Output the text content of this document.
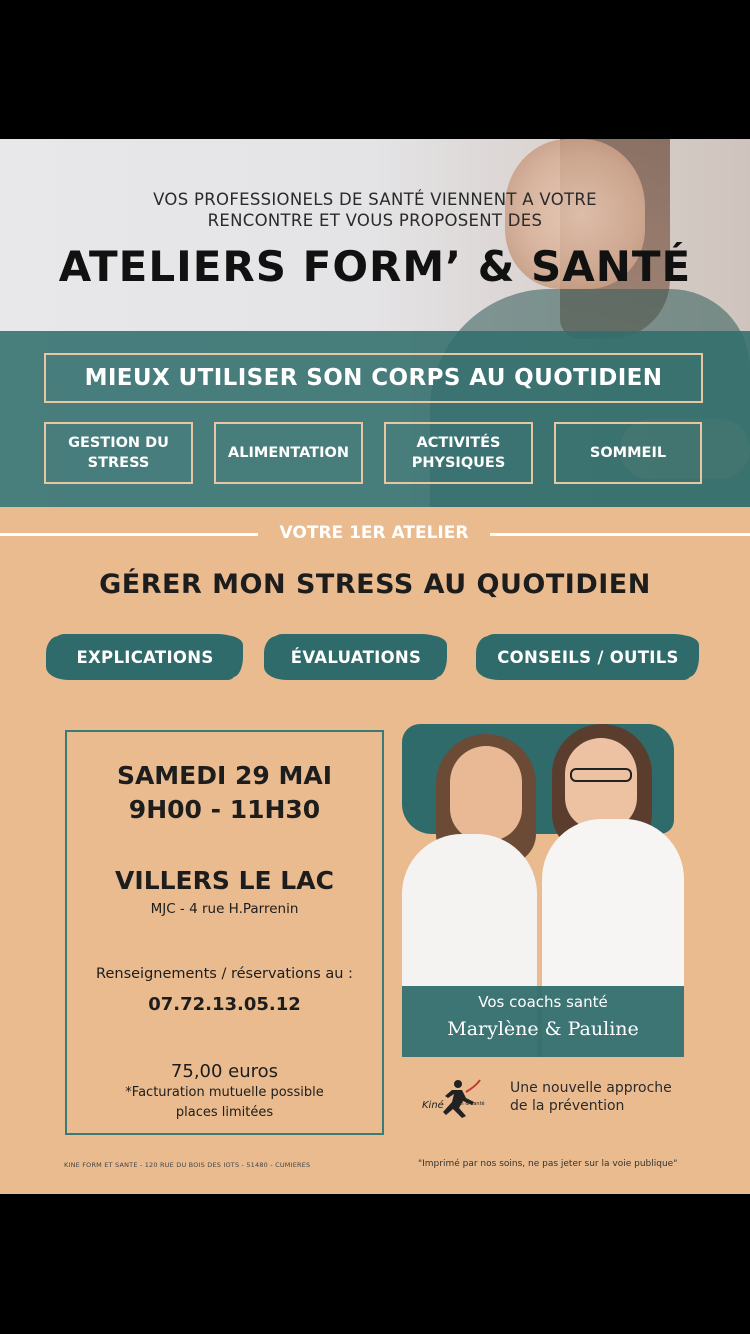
VOS PROFESSIONELS DE SANTÉ VIENNENT A VOTRE
RENCONTRE ET VOUS PROPOSENT DES
ATELIERS FORM’ & SANTÉ
MIEUX UTILISER SON CORPS AU QUOTIDIEN
GESTION DU
STRESS
ALIMENTATION
ACTIVITÉS
PHYSIQUES
SOMMEIL
VOTRE 1ER ATELIER
GÉRER MON STRESS AU QUOTIDIEN
EXPLICATIONS	ÉVALUATIONS	CONSEILS / OUTILS
SAMEDI 29 MAI
9H00 - 11H30
VILLERS LE LAC
MJC - 4 rue H.Parrenin
Renseignements / réservations au :
07.72.13.05.12
75,00 euros
*Facturation mutuelle possible
places limitées
Vos coachs santé
Marylène & Pauline
Kiné form & santé
Une nouvelle approche
de la prévention
KINE FORM ET SANTE - 120 RUE DU BOIS DES IOTS - 51480 - CUMIERES	"Imprimé par nos soins, ne pas jeter sur la voie publique"
